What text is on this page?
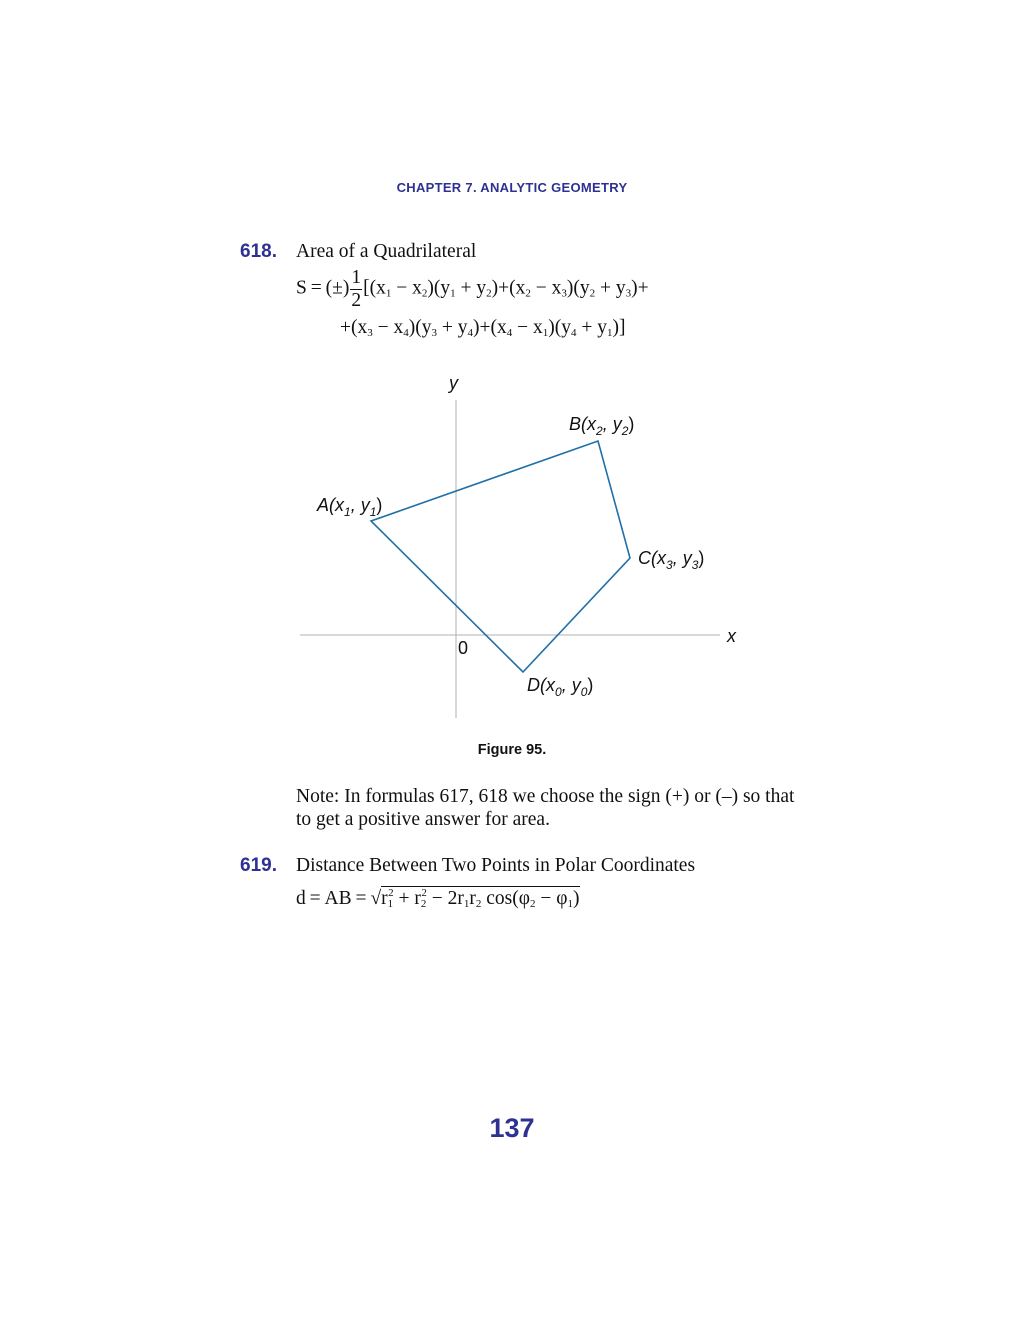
CHAPTER 7. ANALYTIC GEOMETRY
618. Area of a Quadrilateral
S = (±) $\frac{1}{2} [(x_1 - x_2)(y_1 + y_2)+(x_2 - x_3)(y_2 + y_3)+$
$+(x_3 - x_4)(y_3 + y_4)+(x_4 - x_1)(y_4 + y_1)$]
y
x
0
$A(x_1$, $y_1$)
$B(x_2$, $y_2$)
$C(x_3$, $y_3$)
$D(x_0$, $y_0$)
Figure 95.
Note: In formulas 617, 618 we choose the sign (+) or (–) so that to get a positive answer for area.
619. Distance Between Two Points in Polar Coordinates
d = AB = $√r_1^2 + r_2^2 - 2r_1r_2$ $\cos(\varphi_2 - \varphi_1)$
137
